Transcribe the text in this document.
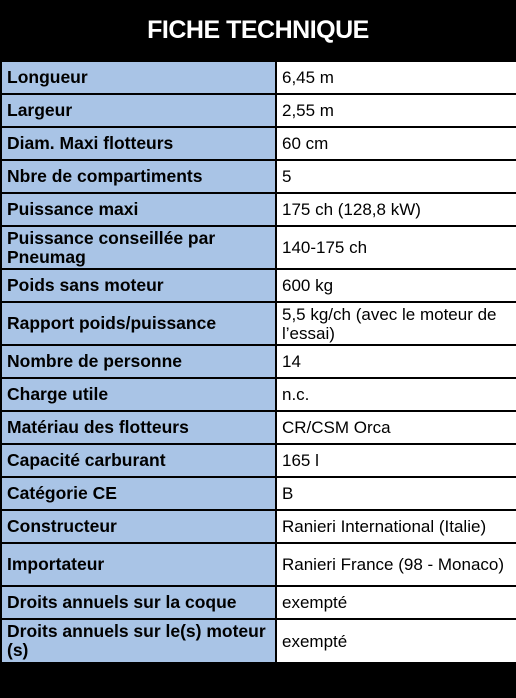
FICHE TECHNIQUE
Longueur	6,45 m
Largeur	2,55 m
Diam. Maxi flotteurs	60 cm
Nbre de compartiments	5
Puissance maxi	175 ch (128,8 kW)
Puissance conseillée par Pneumag	140-175 ch
Poids sans moteur	600 kg
Rapport poids/puissance	5,5 kg/ch (avec le moteur de l’essai)
Nombre de personne	14
Charge utile	n.c.
Matériau des flotteurs	CR/CSM Orca
Capacité carburant	165 l
Catégorie CE	B
Constructeur	Ranieri International (Italie)
Importateur	Ranieri France (98 - Monaco)
Droits annuels sur la coque	exempté
Droits annuels sur le(s) moteur (s)	exempté
